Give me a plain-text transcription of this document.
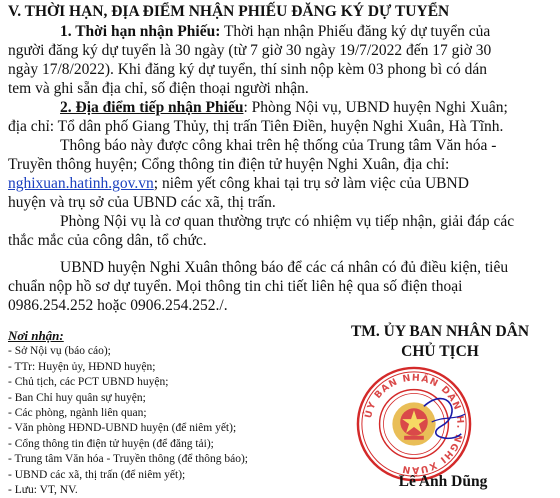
V. THỜI HẠN, ĐỊA ĐIỂM NHẬN PHIẾU ĐĂNG KÝ DỰ TUYỂN
1. Thời hạn nhận Phiếu: Thời hạn nhận Phiếu đăng ký dự tuyển của
người đăng ký dự tuyển là 30 ngày (từ 7 giờ 30 ngày 19/7/2022 đến 17 giờ 30
ngày 17/8/2022). Khi đăng ký dự tuyển, thí sinh nộp kèm 03 phong bì có dán
tem và ghi sẵn địa chỉ, số điện thoại người nhận.
2. Địa điểm tiếp nhận Phiếu: Phòng Nội vụ, UBND huyện Nghi Xuân;
địa chỉ: Tổ dân phố Giang Thủy, thị trấn Tiên Điền, huyện Nghi Xuân, Hà Tĩnh.
Thông báo này được công khai trên hệ thống của Trung tâm Văn hóa -
Truyền thông huyện; Cổng thông tin điện tử huyện Nghi Xuân, địa chỉ:
nghixuan.hatinh.gov.vn; niêm yết công khai tại trụ sở làm việc của UBND
huyện và trụ sở của UBND các xã, thị trấn.
Phòng Nội vụ là cơ quan thường trực có nhiệm vụ tiếp nhận, giải đáp các
thắc mắc của công dân, tổ chức.
UBND huyện Nghi Xuân thông báo để các cá nhân có đủ điều kiện, tiêu
chuẩn nộp hồ sơ dự tuyển. Mọi thông tin chi tiết liên hệ qua số điện thoại
0986.254.252 hoặc 0906.254.252./.
Nơi nhận:
- Sở Nội vụ (báo cáo);
- TTr: Huyện ủy, HĐND huyện;
- Chủ tịch, các PCT UBND huyện;
- Ban Chỉ huy quân sự huyện;
- Các phòng, ngành liên quan;
- Văn phòng HĐND-UBND huyện (để niêm yết);
- Cổng thông tin điện tử huyện (để đăng tải);
- Trung tâm Văn hóa - Truyền thông (để thông báo);
- UBND các xã, thị trấn (để niêm yết);
- Lưu: VT, NV.
TM. ỦY BAN NHÂN DÂN
CHỦ TỊCH
ỦY BAN NHÂN DÂN H. NGHI XUÂN
Lê Anh Dũng
